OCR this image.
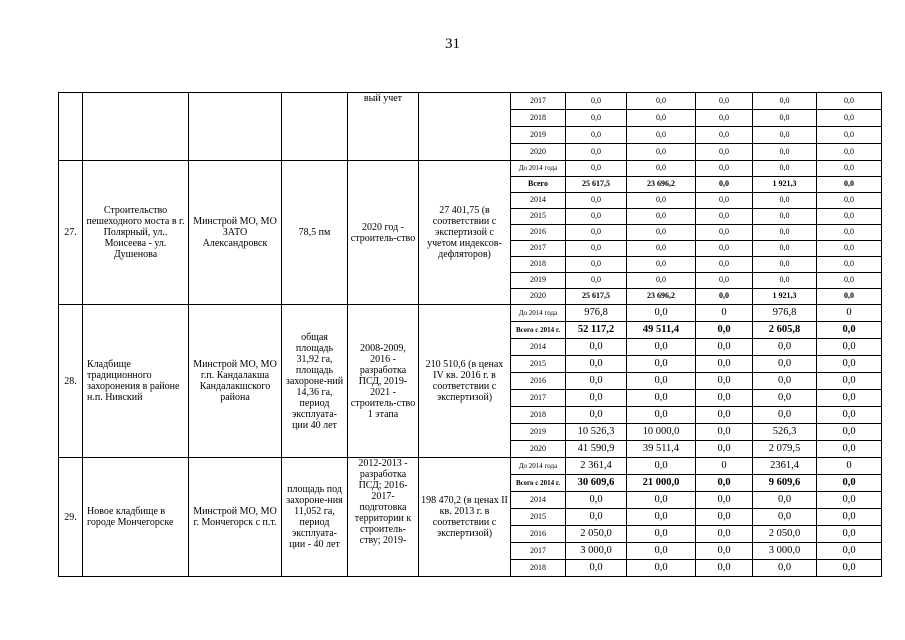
31
				вый учет		2017	0,0	0,0	0,0	0,0	0,0
						2018	0,0	0,0	0,0	0,0	0,0
						2019	0,0	0,0	0,0	0,0	0,0
						2020	0,0	0,0	0,0	0,0	0,0
27.	Строительство пешеходного моста в г. Полярный, ул.. Моисеева - ул. Душенова	Минстрой МО, МО ЗАТО Александровск	78,5 пм	2020 год - строитель-ство	27 401,75 (в соответствии с экспертизой с учетом индексов-дефляторов)	До 2014 года	0,0	0,0	0,0	0,0	0,0
						Всего	25 617,5	23 696,2	0,0	1 921,3	0,0
						2014	0,0	0,0	0,0	0,0	0,0
						2015	0,0	0,0	0,0	0,0	0,0
						2016	0,0	0,0	0,0	0,0	0,0
						2017	0,0	0,0	0,0	0,0	0,0
						2018	0,0	0,0	0,0	0,0	0,0
						2019	0,0	0,0	0,0	0,0	0,0
						2020	25 617,5	23 696,2	0,0	1 921,3	0,0
28.	Кладбище традиционного захоронения в районе н.п. Нивский	Минстрой МО, МО г.п. Кандалакша Кандалакшского района	общая площадь 31,92 га, площадь захороне-ний 14,36 га, период эксплуата-ции 40 лет	2008-2009, 2016 - разработка ПСД, 2019-2021 - строитель-ство 1 этапа	210 510,6 (в ценах IV кв. 2016 г. в соответствии с экспертизой)	До 2014 года	976,8	0,0	0	976,8	0
						Всего с 2014 г.	52 117,2	49 511,4	0,0	2 605,8	0,0
						2014	0,0	0,0	0,0	0,0	0,0
						2015	0,0	0,0	0,0	0,0	0,0
						2016	0,0	0,0	0,0	0,0	0,0
						2017	0,0	0,0	0,0	0,0	0,0
						2018	0,0	0,0	0,0	0,0	0,0
						2019	10 526,3	10 000,0	0,0	526,3	0,0
						2020	41 590,9	39 511,4	0,0	2 079,5	0,0
29.	Новое кладбище в городе Мончегорске	Минстрой МО, МО г. Мончегорск с п.т.	площадь под захороне-ния 11,052 га, период эксплуата-ции - 40 лет	2012-2013 - разработка ПСД; 2016-2017-подготовка территории к строитель-ству; 2019-	198 470,2 (в ценах II кв. 2013 г. в соответствии с экспертизой)	До 2014 года	2 361,4	0,0	0	2361,4	0
						Всего с 2014 г.	30 609,6	21 000,0	0,0	9 609,6	0,0
						2014	0,0	0,0	0,0	0,0	0,0
						2015	0,0	0,0	0,0	0,0	0,0
						2016	2 050,0	0,0	0,0	2 050,0	0,0
						2017	3 000,0	0,0	0,0	3 000,0	0,0
						2018	0,0	0,0	0,0	0,0	0,0
